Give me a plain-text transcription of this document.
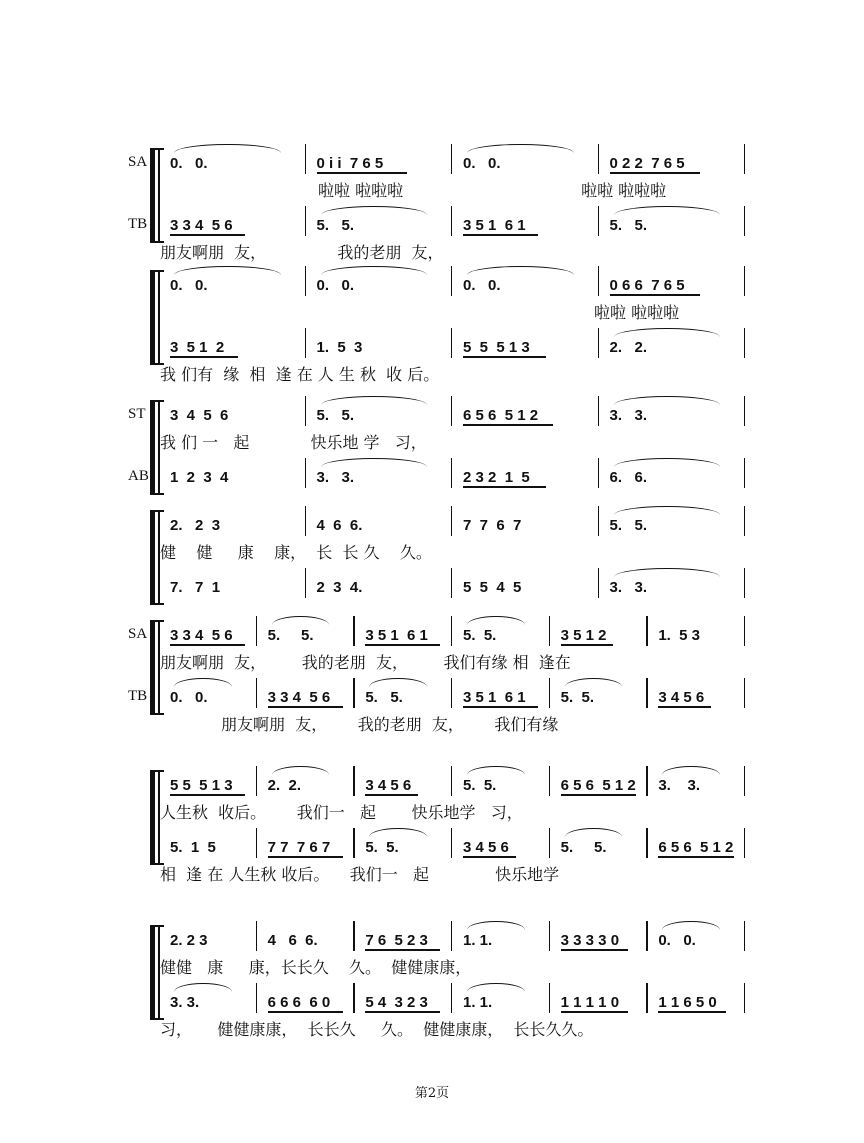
SA
TB
0.   0.	0 i i  7 6 5	0.   0.	0 2 2  7 6 5
啦啦 啦啦啦                                   啦啦 啦啦啦
3 3 4  5 6	5.   5.	3 5 1  6 1	5.   5.
朋友啊朋  友，              我的老朋  友，
0.   0.	0.   0.	0.   0.	0 6 6  7 6 5
啦啦 啦啦啦
3  5 1  2	1.  5  3	5  5  5 1 3	2.   2.
我 们有  缘  相  逢 在 人 生 秋  收 后。
ST
AB
3  4  5  6	5.   5.	6 5 6  5 1 2	3.   3.
我 们 一   起            快乐地 学   习，
1  2  3  4	3.   3.	2 3 2  1  5	6.   6.
2.   2  3	4  6  6.	7  7  6  7	5.   5.
健    健     康    康，  长  长 久    久。
7.   7  1	2  3  4.	5  5  4  5	3.   3.
SA
TB
3 3 4  5 6	5.     5.	3 5 1  6 1	5.  5.	3 5 1 2	1.  5 3
朋友啊朋  友，       我的老朋  友，       我们有缘 相  逢在
0.   0.	3 3 4  5 6	5.   5.	3 5 1  6 1	5.  5.	3 4 5 6
朋友啊朋  友，      我的老朋  友，      我们有缘
5 5  5 1 3	2.  2.	3 4 5 6	5.  5.	6 5 6  5 1 2	3.    3.
人生秋  收后。      我们一   起       快乐地学   习，
5.  1  5	7 7  7 6 7	5.  5.	3 4 5 6	5.     5.	6 5 6  5 1 2
相  逢 在 人生秋 收后。    我们一   起             快乐地学
2. 2 3	4   6  6.	7 6  5 2 3	1. 1.	3 3 3 3 0	0.   0.
健健   康     康，长长久    久。  健健康康，
3. 3.	6 6 6  6 0	5 4  3 2 3	1. 1.	1 1 1 1 0	1 1 6 5 0
习，     健健康康，  长长久     久。  健健康康，  长长久久。
第2页
